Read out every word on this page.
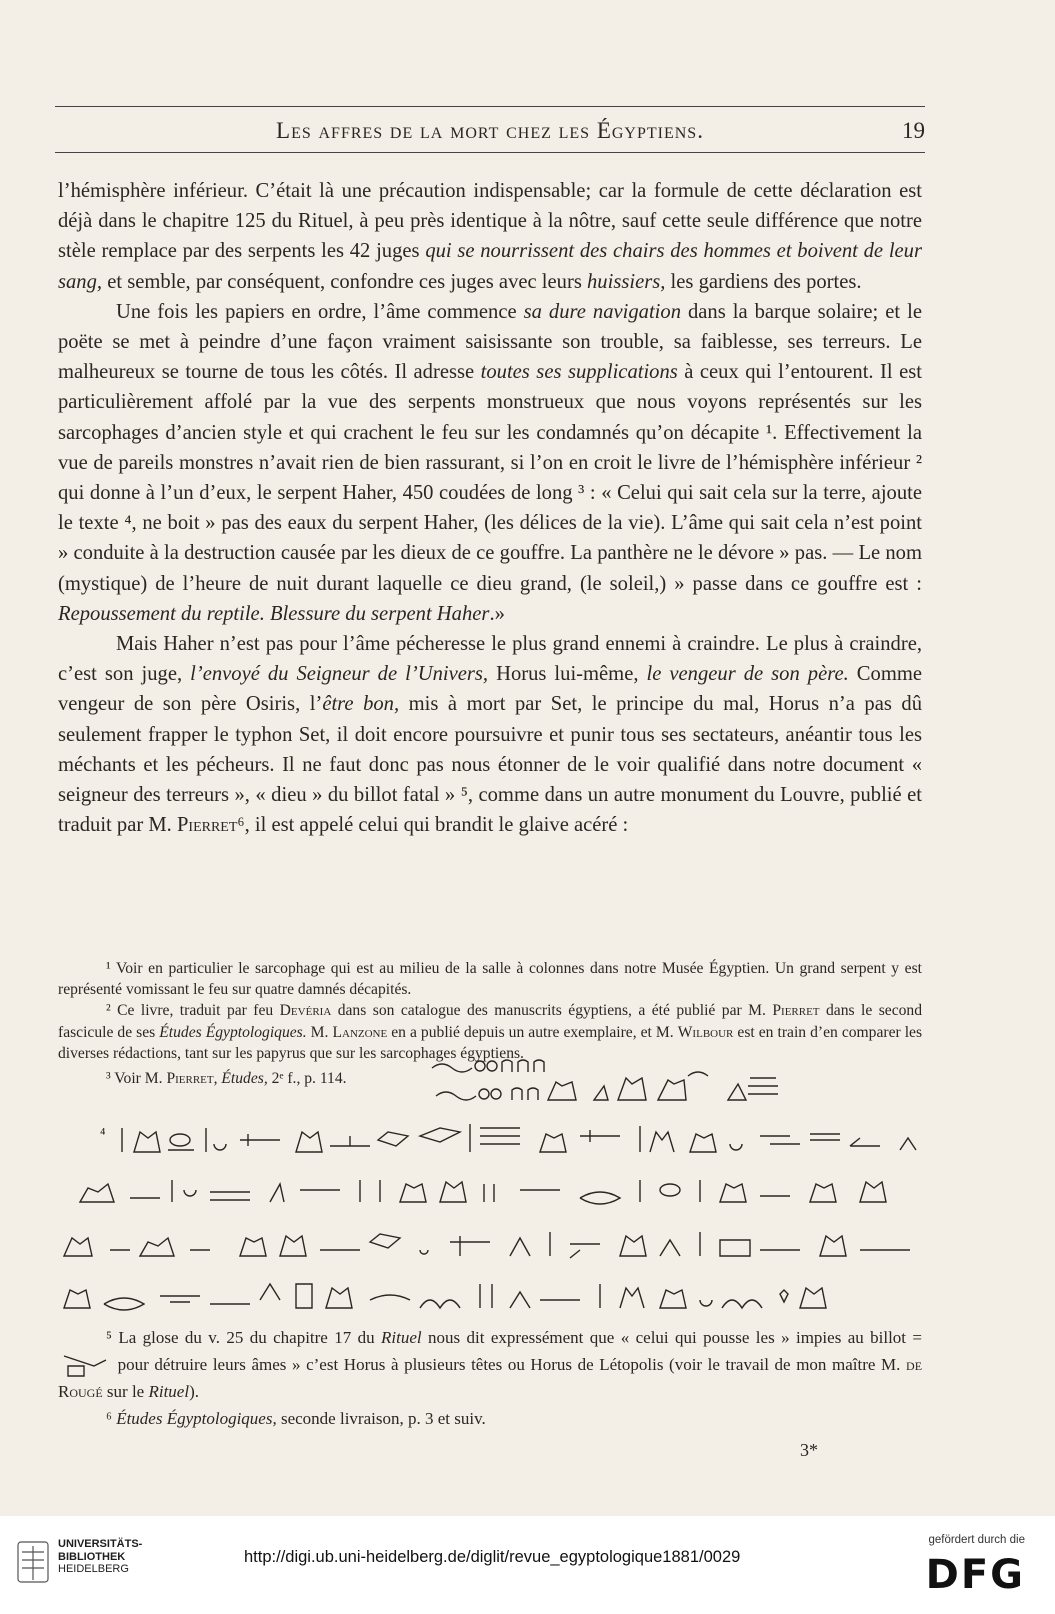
Les affres de la mort chez les Égyptiens.	19

l’hémisphère inférieur. C’était là une précaution indispensable; car la formule de cette déclaration est déjà dans le chapitre 125 du Rituel, à peu près identique à la nôtre, sauf cette seule différence que notre stèle remplace par des serpents les 42 juges qui se nourrissent des chairs des hommes et boivent de leur sang, et semble, par conséquent, confondre ces juges avec leurs huissiers, les gardiens des portes.

Une fois les papiers en ordre, l’âme commence sa dure navigation dans la barque solaire; et le poëte se met à peindre d’une façon vraiment saisissante son trouble, sa faiblesse, ses terreurs. Le malheureux se tourne de tous les côtés. Il adresse toutes ses supplications à ceux qui l’entourent. Il est particulièrement affolé par la vue des serpents monstrueux que nous voyons représentés sur les sarcophages d’ancien style et qui crachent le feu sur les condamnés qu’on décapite ¹. Effectivement la vue de pareils monstres n’avait rien de bien rassurant, si l’on en croit le livre de l’hémisphère inférieur ² qui donne à l’un d’eux, le serpent Haher, 450 coudées de long ³ : « Celui qui sait cela sur la terre, ajoute le texte ⁴, ne boit » pas des eaux du serpent Haher, (les délices de la vie). L’âme qui sait cela n’est point » conduite à la destruction causée par les dieux de ce gouffre. La panthère ne le dévore » pas. — Le nom (mystique) de l’heure de nuit durant laquelle ce dieu grand, (le soleil,) » passe dans ce gouffre est : Repoussement du reptile. Blessure du serpent Haher.»

Mais Haher n’est pas pour l’âme pécheresse le plus grand ennemi à craindre. Le plus à craindre, c’est son juge, l’envoyé du Seigneur de l’Univers, Horus lui-même, le vengeur de son père. Comme vengeur de son père Osiris, l’être bon, mis à mort par Set, le principe du mal, Horus n’a pas dû seulement frapper le typhon Set, il doit encore poursuivre et punir tous ses sectateurs, anéantir tous les méchants et les pécheurs. Il ne faut donc pas nous étonner de le voir qualifié dans notre document « seigneur des terreurs », « dieu » du billot fatal » ⁵, comme dans un autre monument du Louvre, publié et traduit par M. Pierret⁶, il est appelé celui qui brandit le glaive acéré :

¹ Voir en particulier le sarcophage qui est au milieu de la salle à colonnes dans notre Musée Égyptien. Un grand serpent y est représenté vomissant le feu sur quatre damnés décapités.

² Ce livre, traduit par feu Devéria dans son catalogue des manuscrits égyptiens, a été publié par M. Pierret dans le second fascicule de ses Études Égyptologiques. M. Lanzone en a publié depuis un autre exemplaire, et M. Wilbour est en train d’en comparer les diverses rédactions, tant sur les papyrus que sur les sarcophages égyptiens.

³ Voir M. Pierret, Études, 2ᵉ f., p. 114.

⁴

⁵ La glose du v. 25 du chapitre 17 du Rituel nous dit expressément que « celui qui pousse les » impies au billot =  pour détruire leurs âmes » c’est Horus à plusieurs têtes ou Horus de Létopolis (voir le travail de mon maître M. de Rougé sur le Rituel).

⁶ Études Égyptologiques, seconde livraison, p. 3 et suiv.

3*
UNIVERSITÄTS-
BIBLIOTHEK
HEIDELBERG
http://digi.ub.uni-heidelberg.de/diglit/revue_egyptologique1881/0029
gefördert durch die
DFG
